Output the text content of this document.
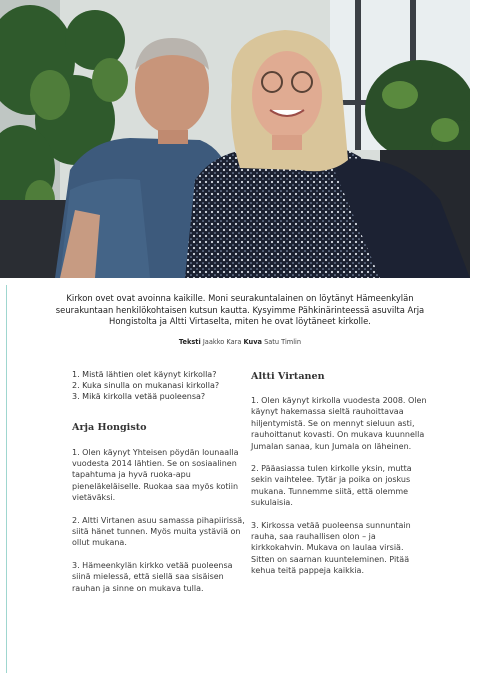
Kirkon ovet ovat avoinna kaikille. Moni seurakuntalainen on löytänyt Hämeenkylän seurakuntaan henkilökohtaisen kutsun kautta. Kysyimme Pähkinärinteessä asuvilta Arja Hongistolta ja Altti Virtaselta, miten he ovat löytäneet kirkolle.
Teksti Jaakko Kara Kuva Satu Timlin

1. Mistä lähtien olet käynyt kirkolla?

2. Kuka sinulla on mukanasi kirkolla?

3. Mikä kirkolla vetää puoleensa?

Arja Hongisto

1. Olen käynyt Yhteisen pöydän lounaalla vuodesta 2014 lähtien. Se on sosiaalinen tapahtuma ja hyvä ruoka-apu pieneläkeläiselle. Ruokaa saa myös kotiin vietäväksi.

2. Altti Virtanen asuu samassa pihapiirissä, siitä hänet tunnen. Myös muita ystäviä on ollut mukana.

3. Hämeenkylän kirkko vetää puoleensa siinä mielessä, että siellä saa sisäisen rauhan ja sinne on mukava tulla.

Altti Virtanen

1. Olen käynyt kirkolla vuodesta 2008. Olen käynyt hakemassa sieltä rauhoittavaa hiljentymistä. Se on mennyt sieluun asti, rauhoittanut kovasti. On mukava kuunnella Jumalan sanaa, kun Jumala on läheinen.

2. Pääasiassa tulen kirkolle yksin, mutta sekin vaihtelee. Tytär ja poika on joskus mukana. Tunnemme siitä, että olemme sukulaisia.

3. Kirkossa vetää puoleensa sunnuntain rauha, saa rauhallisen olon – ja kirkkokahvin. Mukava on laulaa virsiä. Sitten on saarnan kuunteleminen. Pitää kehua teitä pappeja kaikkia.
